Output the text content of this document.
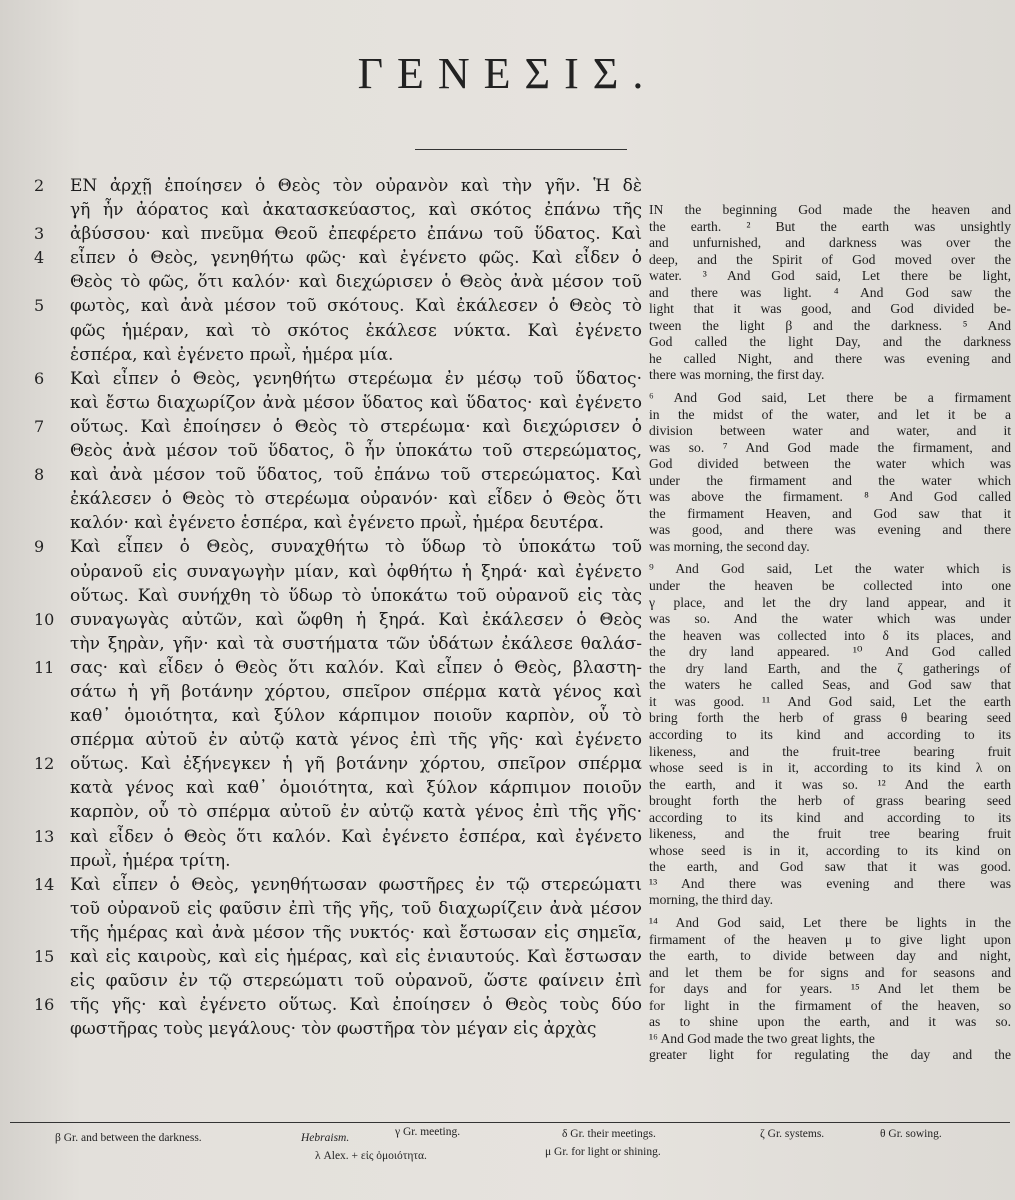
ΓΕΝΕΣΙΣ.
2	ΕΝ ἀρχῇ ἐποίησεν ὁ Θεὸς τὸν οὐρανὸν καὶ τὴν γῆν. Ἡ δὲ
γῆ ἦν ἀόρατος καὶ ἀκατασκεύαστος, καὶ σκότος ἐπάνω τῆς
3	ἀβύσσου· καὶ πνεῦμα Θεοῦ ἐπεφέρετο ἐπάνω τοῦ ὕδατος. Καὶ
4	εἶπεν ὁ Θεὸς, γενηθήτω φῶς· καὶ ἐγένετο φῶς. Καὶ εἶδεν ὁ
Θεὸς τὸ φῶς, ὅτι καλόν· καὶ διεχώρισεν ὁ Θεὸς ἀνὰ μέσον τοῦ
5	φωτὸς, καὶ ἀνὰ μέσον τοῦ σκότους. Καὶ ἐκάλεσεν ὁ Θεὸς τὸ
φῶς ἡμέραν, καὶ τὸ σκότος ἐκάλεσε νύκτα. Καὶ ἐγένετο
ἑσπέρα, καὶ ἐγένετο πρωῒ, ἡμέρα μία.
6	Καὶ εἶπεν ὁ Θεὸς, γενηθήτω στερέωμα ἐν μέσῳ τοῦ ὕδατος·
καὶ ἔστω διαχωρίζον ἀνὰ μέσον ὕδατος καὶ ὕδατος· καὶ ἐγένετο
7	οὕτως. Καὶ ἐποίησεν ὁ Θεὸς τὸ στερέωμα· καὶ διεχώρισεν ὁ
Θεὸς ἀνὰ μέσον τοῦ ὕδατος, ὃ ἦν ὑποκάτω τοῦ στερεώματος,
8	καὶ ἀνὰ μέσον τοῦ ὕδατος, τοῦ ἐπάνω τοῦ στερεώματος. Καὶ
ἐκάλεσεν ὁ Θεὸς τὸ στερέωμα οὐρανόν· καὶ εἶδεν ὁ Θεὸς ὅτι
καλόν· καὶ ἐγένετο ἑσπέρα, καὶ ἐγένετο πρωῒ, ἡμέρα δευτέρα.
9	Καὶ εἶπεν ὁ Θεὸς, συναχθήτω τὸ ὕδωρ τὸ ὑποκάτω τοῦ
οὐρανοῦ εἰς συναγωγὴν μίαν, καὶ ὀφθήτω ἡ ξηρά· καὶ ἐγένετο
οὕτως. Καὶ συνήχθη τὸ ὕδωρ τὸ ὑποκάτω τοῦ οὐρανοῦ εἰς τὰς
10 συναγωγὰς αὐτῶν, καὶ ὤφθη ἡ ξηρά. Καὶ ἐκάλεσεν ὁ Θεὸς
τὴν ξηρὰν, γῆν· καὶ τὰ συστήματα τῶν ὑδάτων ἐκάλεσε θαλάσ-
11 σας· καὶ εἶδεν ὁ Θεὸς ὅτι καλόν. Καὶ εἶπεν ὁ Θεὸς, βλαστη-
σάτω ἡ γῆ βοτάνην χόρτου, σπεῖρον σπέρμα κατὰ γένος καὶ
καθ᾽ ὁμοιότητα, καὶ ξύλον κάρπιμον ποιοῦν καρπὸν, οὗ τὸ
σπέρμα αὐτοῦ ἐν αὐτῷ κατὰ γένος ἐπὶ τῆς γῆς· καὶ ἐγένετο
12 οὕτως. Καὶ ἐξήνεγκεν ἡ γῆ βοτάνην χόρτου, σπεῖρον σπέρμα
κατὰ γένος καὶ καθ᾽ ὁμοιότητα, καὶ ξύλον κάρπιμον ποιοῦν
καρπὸν, οὗ τὸ σπέρμα αὐτοῦ ἐν αὐτῷ κατὰ γένος ἐπὶ τῆς γῆς·
13 καὶ εἶδεν ὁ Θεὸς ὅτι καλόν. Καὶ ἐγένετο ἑσπέρα, καὶ ἐγένετο
πρωῒ, ἡμέρα τρίτη.
14 Καὶ εἶπεν ὁ Θεὸς, γενηθήτωσαν φωστῆρες ἐν τῷ στερεώματι
τοῦ οὐρανοῦ εἰς φαῦσιν ἐπὶ τῆς γῆς, τοῦ διαχωρίζειν ἀνὰ μέσον
τῆς ἡμέρας καὶ ἀνὰ μέσον τῆς νυκτός· καὶ ἔστωσαν εἰς σημεῖα,
15 καὶ εἰς καιροὺς, καὶ εἰς ἡμέρας, καὶ εἰς ἐνιαυτούς. Καὶ ἔστωσαν
εἰς φαῦσιν ἐν τῷ στερεώματι τοῦ οὐρανοῦ, ὥστε φαίνειν ἐπὶ
16 τῆς γῆς· καὶ ἐγένετο οὕτως. Καὶ ἐποίησεν ὁ Θεὸς τοὺς δύο
φωστῆρας τοὺς μεγάλους· τὸν φωστῆρα τὸν μέγαν εἰς ἀρχὰς
IN the beginning God made the heaven and
the earth. ² But the earth was unsightly
and unfurnished, and darkness was over the
deep, and the Spirit of God moved over the
water. ³ And God said, Let there be light,
and there was light. ⁴ And God saw the
light that it was good, and God divided be-
tween the light β and the darkness. ⁵ And
God called the light Day, and the darkness
he called Night, and there was evening and
there was morning, the first day.
⁶ And God said, Let there be a firmament
in the midst of the water, and let it be a
division between water and water, and it
was so. ⁷ And God made the firmament, and
God divided between the water which was
under the firmament and the water which
was above the firmament. ⁸ And God called
the firmament Heaven, and God saw that it
was good, and there was evening and there
was morning, the second day.
⁹ And God said, Let the water which is
under the heaven be collected into one
γ place, and let the dry land appear, and it
was so. And the water which was under
the heaven was collected into δ its places, and
the dry land appeared. ¹⁰ And God called
the dry land Earth, and the ζ gatherings of
the waters he called Seas, and God saw that
it was good. ¹¹ And God said, Let the earth
bring forth the herb of grass θ bearing seed
according to its kind and according to its
likeness, and the fruit-tree bearing fruit
whose seed is in it, according to its kind λ on
the earth, and it was so. ¹² And the earth
brought forth the herb of grass bearing seed
according to its kind and according to its
likeness, and the fruit tree bearing fruit
whose seed is in it, according to its kind on
the earth, and God saw that it was good.
¹³ And there was evening and there was
morning, the third day.
¹⁴ And God said, Let there be lights in the
firmament of the heaven μ to give light upon
the earth, to divide between day and night,
and let them be for signs and for seasons and
for days and for years. ¹⁵ And let them be
for light in the firmament of the heaven, so
as to shine upon the earth, and it was so.
¹⁶ And God made the two great lights, the
greater light for regulating the day and the
β Gr. and between the darkness.	Hebraism.	γ Gr. meeting.	δ Gr. their meetings.	ζ Gr. systems.	θ Gr. sowing.
λ Alex. + εἰς ὁμοιότητα.	μ Gr. for light or shining.
